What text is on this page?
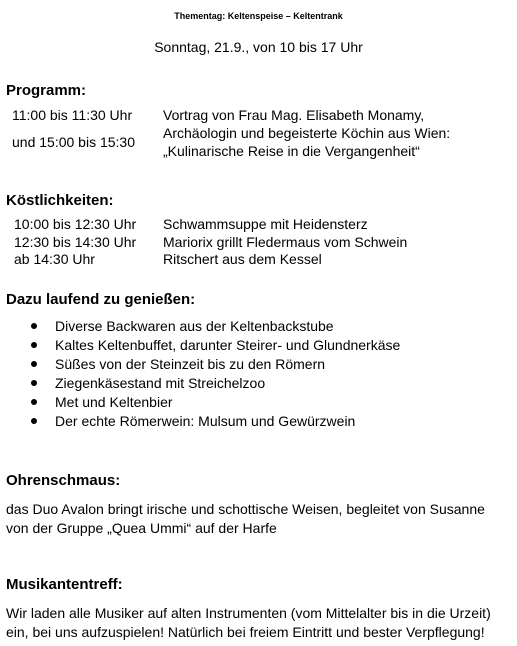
Thementag: Keltenspeise – Keltentrank
Sonntag, 21.9., von 10 bis 17 Uhr
Programm:
11:00 bis 11:30 Uhr
und 15:00 bis 15:30
Vortrag von Frau Mag. Elisabeth Monamy,
Archäologin und begeisterte Köchin aus Wien:
„Kulinarische Reise in die Vergangenheit“
Köstlichkeiten:
10:00 bis 12:30 Uhr Schwammsuppe mit Heidensterz
12:30 bis 14:30 Uhr Mariorix grillt Fledermaus vom Schwein
ab 14:30 Uhr	Ritschert aus dem Kessel
Dazu laufend zu genießen:
Diverse Backwaren aus der Keltenbackstube
Kaltes Keltenbuffet, darunter Steirer- und Glundnerkäse
Süßes von der Steinzeit bis zu den Römern
Ziegenkäsestand mit Streichelzoo
Met und Keltenbier
Der echte Römerwein: Mulsum und Gewürzwein
Ohrenschmaus:
das Duo Avalon bringt irische und schottische Weisen, begleitet von Susanne
von der Gruppe „Quea Ummi“ auf der Harfe
Musikantentreff:
Wir laden alle Musiker auf alten Instrumenten (vom Mittelalter bis in die Urzeit)
ein, bei uns aufzuspielen! Natürlich bei freiem Eintritt und bester Verpflegung!
